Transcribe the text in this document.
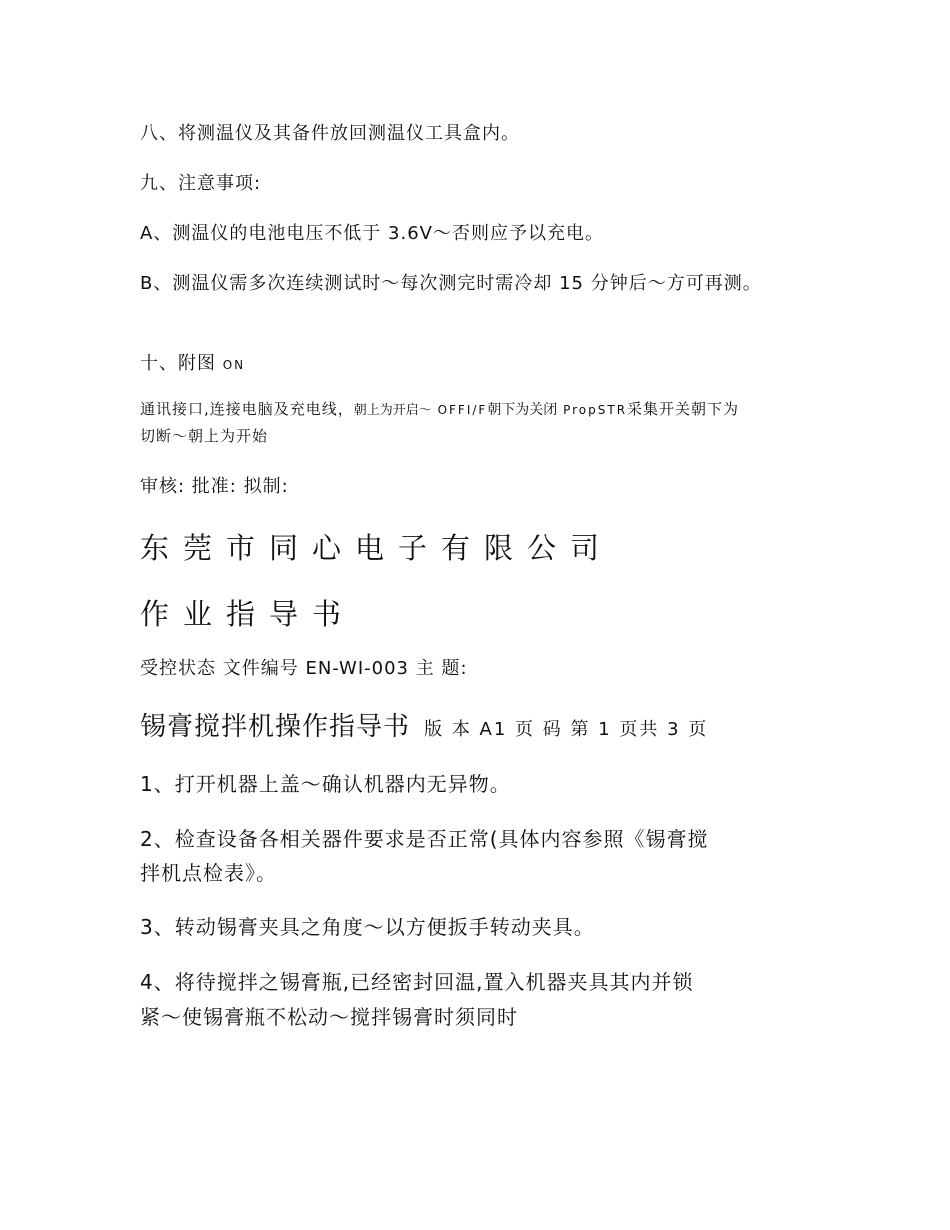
八、将测温仪及其备件放回测温仪工具盒内。
九、注意事项:
A、测温仪的电池电压不低于 3.6V～否则应予以充电。
B、测温仪需多次连续测试时～每次测完时需冷却 15 分钟后～方可再测。
十、附图 ON
通讯接口,连接电脑及充电线，朝上为开启～ OFFI/F朝下为关闭 PropSTR采集开关朝下为
切断～朝上为开始
审核: 批准: 拟制:
东莞市同心电子有限公司
作业指导书
受控状态 文件编号 EN-WI-003 主 题:
锡膏搅拌机操作指导书 版 本 A1 页 码 第 1 页共 3 页
1、打开机器上盖～确认机器内无异物。
2、检查设备各相关器件要求是否正常(具体内容参照《锡膏搅
拌机点检表》。
3、转动锡膏夹具之角度～以方便扳手转动夹具。
4、将待搅拌之锡膏瓶,已经密封回温,置入机器夹具其内并锁
紧～使锡膏瓶不松动～搅拌锡膏时须同时
